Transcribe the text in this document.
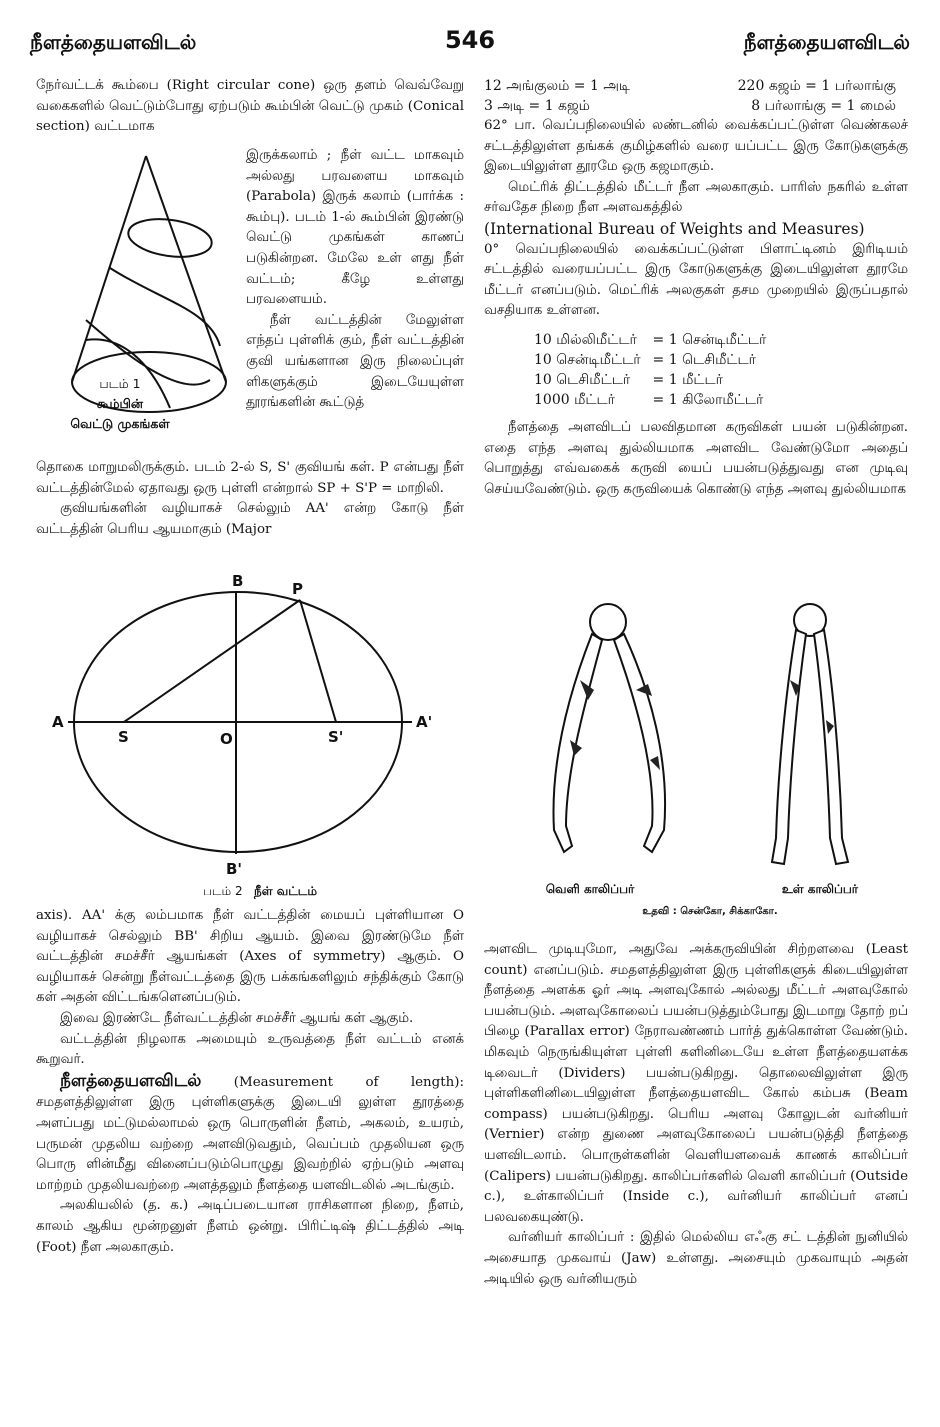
நீளத்தையளவிடல்	546	நீளத்தையளவிடல்

நேர்வட்டக் கூம்பை (Right circular cone) ஒரு தளம் வெவ்வேறு வகைகளில் வெட்டும்போது ஏற்படும் கூம்பின் வெட்டு முகம் (Conical section) வட்டமாக

படம் 1
கூம்பின்
வெட்டு முகங்கள்

இருக்கலாம் ; நீள் வட்ட மாகவும் அல்லது பரவளைய மாகவும் (Parabola) இருக் கலாம் (பார்க்க : கூம்பு). படம் 1-ல் கூம்பின் இரண்டு வெட்டு முகங்கள் காணப் படுகின்றன. மேலே உள் ளது நீள் வட்டம்; கீழே உள்ளது பரவளையம்.

நீள் வட்டத்தின் மேலுள்ள எந்தப் புள்ளிக் கும், நீள் வட்டத்தின் குவி யங்களான இரு நிலைப்புள் ளிகளுக்கும் இடையேயுள்ள தூரங்களின் கூட்டுத்

தொகை மாறுமலிருக்கும். படம் 2-ல் S, S' குவியங் கள். P என்பது நீள் வட்டத்தின்மேல் ஏதாவது ஒரு புள்ளி என்றால் SP + S'P = மாறிலி.

குவியங்களின் வழியாகச் செல்லும் AA' என்ற கோடு நீள் வட்டத்தின் பெரிய ஆயமாகும் (Major

A	A'
B
B'
P
S	S'
O
படம் 2 நீள் வட்டம்

axis). AA' க்கு லம்பமாக நீள் வட்டத்தின் மையப் புள்ளியான O வழியாகச் செல்லும் BB' சிறிய ஆயம். இவை இரண்டுமே நீள் வட்டத்தின் சமச்சீர் ஆயங்கள் (Axes of symmetry) ஆகும். O வழியாகச் சென்று நீள்வட்டத்தை இரு பக்கங்களிலும் சந்திக்கும் கோடு கள் அதன் விட்டங்களெனப்படும்.

இவை இரண்டே நீள்வட்டத்தின் சமச்சீர் ஆயங் கள் ஆகும்.

வட்டத்தின் நிழலாக அமையும் உருவத்தை நீள் வட்டம் எனக் கூறுவர்.

நீளத்தையளவிடல் (Measurement of length): சமதளத்திலுள்ள இரு புள்ளிகளுக்கு இடையி லுள்ள தூரத்தை அளப்பது மட்டுமல்லாமல் ஒரு பொருளின் நீளம், அகலம், உயரம், பருமன் முதலிய வற்றை அளவிடுவதும், வெப்பம் முதலியன ஒரு பொரு ளின்மீது வினைப்படும்பொழுது இவற்றில் ஏற்படும் அளவு மாற்றம் முதலியவற்றை அளத்தலும் நீளத்தை யளவிடலில் அடங்கும்.

அலகியலில் (த. க.) அடிப்படையான ராசிகளான நிறை, நீளம், காலம் ஆகிய மூன்றனுள் நீளம் ஒன்று. பிரிட்டிஷ் திட்டத்தில் அடி (Foot) நீள அலகாகும்.

12 அங்குலம் = 1 அடி	220 கஜம் = 1 பர்லாங்கு
3 அடி = 1 கஜம்	8 பர்லாங்கு = 1 மைல்

62° பா. வெப்பநிலையில் லண்டனில் வைக்கப்பட்டுள்ள வெண்கலச் சட்டத்திலுள்ள தங்கக் குமிழ்களில் வரை யப்பட்ட இரு கோடுகளுக்கு இடையிலுள்ள தூரமே ஒரு கஜமாகும்.

மெட்ரிக் திட்டத்தில் மீட்டர் நீள அலகாகும். பாரிஸ் நகரில் உள்ள சர்வதேச நிறை நீள அளவகத்தில்

(International Bureau of Weights and Measures)

0° வெப்பநிலையில் வைக்கப்பட்டுள்ள பிளாட்டினம் இரிடியம் சட்டத்தில் வரையப்பட்ட இரு கோடுகளுக்கு இடையிலுள்ள தூரமே மீட்டர் எனப்படும். மெட்ரிக் அலகுகள் தசம முறையில் இருப்பதால் வசதியாக உள்ளன.

10 மில்லிமீட்டர்	= 1 சென்டிமீட்டர்
10 சென்டிமீட்டர்	= 1 டெசிமீட்டர்
10 டெசிமீட்டர்	= 1 மீட்டர்
1000 மீட்டர்	= 1 கிலோமீட்டர்

நீளத்தை அளவிடப் பலவிதமான கருவிகள் பயன் படுகின்றன. எதை எந்த அளவு துல்லியமாக அளவிட வேண்டுமோ அதைப் பொறுத்து எவ்வகைக் கருவி யைப் பயன்படுத்துவது என முடிவு செய்யவேண்டும். ஒரு கருவியைக் கொண்டு எந்த அளவு துல்லியமாக

வெளி காலிப்பர்	உள் காலிப்பர்
உதவி : சென்கோ, சிக்காகோ.

அளவிட முடியுமோ, அதுவே அக்கருவியின் சிற்றளவை (Least count) எனப்படும். சமதளத்திலுள்ள இரு புள்ளிகளுக் கிடையிலுள்ள நீளத்தை அளக்க ஓர் அடி அளவுகோல் அல்லது மீட்டர் அளவுகோல் பயன்படும். அளவுகோலைப் பயன்படுத்தும்போது இடமாறு தோற் றப் பிழை (Parallax error) நேராவண்ணம் பார்த் துக்கொள்ள வேண்டும். மிகவும் நெருங்கியுள்ள புள்ளி களினிடையே உள்ள நீளத்தையளக்க டிவைடர் (Dividers) பயன்படுகிறது. தொலைவிலுள்ள இரு புள்ளிகளினிடையிலுள்ள நீளத்தையளவிட கோல் கம்பசு (Beam compass) பயன்படுகிறது. பெரிய அளவு கோலுடன் வர்னியர் (Vernier) என்ற துணை அளவுகோலைப் பயன்படுத்தி நீளத்தை யளவிடலாம். பொருள்களின் வெளியளவைக் காணக் காலிப்பர் (Calipers) பயன்படுகிறது. காலிப்பர்களில் வெளி காலிப்பர் (Outside c.), உள்காலிப்பர் (Inside c.), வர்னியர் காலிப்பர் எனப் பலவகையுண்டு.

வர்னியர் காலிப்பர் : இதில் மெல்லிய எஃகு சட் டத்தின் நுனியில் அசையாத முகவாய் (Jaw) உள்ளது. அசையும் முகவாயும் அதன் அடியில் ஒரு வர்னியரும்
